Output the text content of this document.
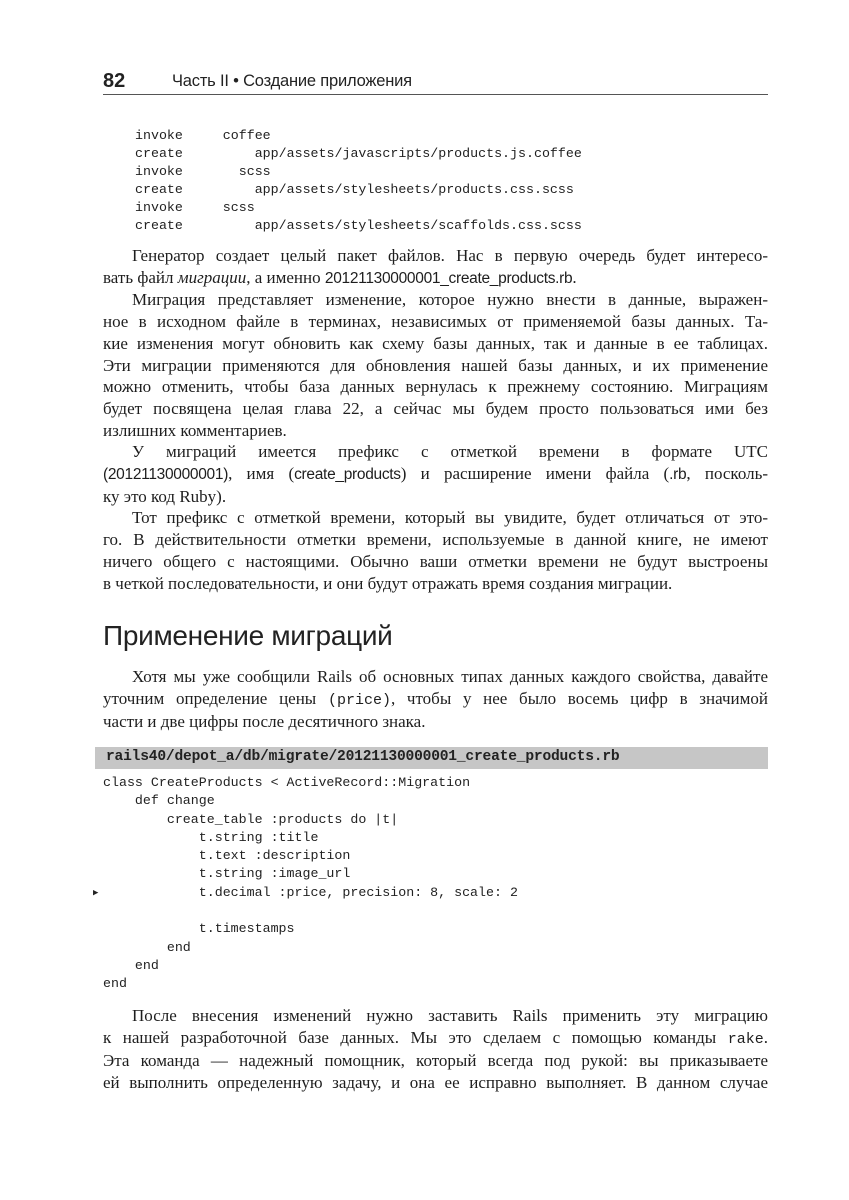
82	Часть II • Создание приложения
invoke     coffee
create         app/assets/javascripts/products.js.coffee
invoke       scss
create         app/assets/stylesheets/products.css.scss
invoke     scss
create         app/assets/stylesheets/scaffolds.css.scss
Генератор создает целый пакет файлов. Нас в первую очередь будет интересо-
вать файл миграции, а именно 20121130000001_create_products.rb.
Миграция представляет изменение, которое нужно внести в данные, выражен-
ное в исходном файле в терминах, независимых от применяемой базы данных. Та-
кие изменения могут обновить как схему базы данных, так и данные в ее таблицах.
Эти миграции применяются для обновления нашей базы данных, и их применение
можно отменить, чтобы база данных вернулась к прежнему состоянию. Миграциям
будет посвящена целая глава 22, а сейчас мы будем просто пользоваться ими без
излишних комментариев.
У миграций имеется префикс с отметкой времени в формате UTC
(20121130000001), имя (create_products) и расширение имени файла (.rb, посколь-
ку это код Ruby).
Тот префикс с отметкой времени, который вы увидите, будет отличаться от это-
го. В действительности отметки времени, используемые в данной книге, не имеют
ничего общего с настоящими. Обычно ваши отметки времени не будут выстроены
в четкой последовательности, и они будут отражать время создания миграции.
Применение миграций
Хотя мы уже сообщили Rails об основных типах данных каждого свойства, давайте
уточним определение цены (price), чтобы у нее было восемь цифр в значимой
части и две цифры после десятичного знака.
rails40/depot_a/db/migrate/20121130000001_create_products.rb
class CreateProducts < ActiveRecord::Migration
def change
create_table :products do |t|
t.string :title
t.text :description
t.string :image_url
t.decimal :price, precision: 8, scale: 2
▶
t.timestamps
end
end
end
После внесения изменений нужно заставить Rails применить эту миграцию
к нашей разработочной базе данных. Мы это сделаем с помощью команды rake.
Эта команда — надежный помощник, который всегда под рукой: вы приказываете
ей выполнить определенную задачу, и она ее исправно выполняет. В данном случае
